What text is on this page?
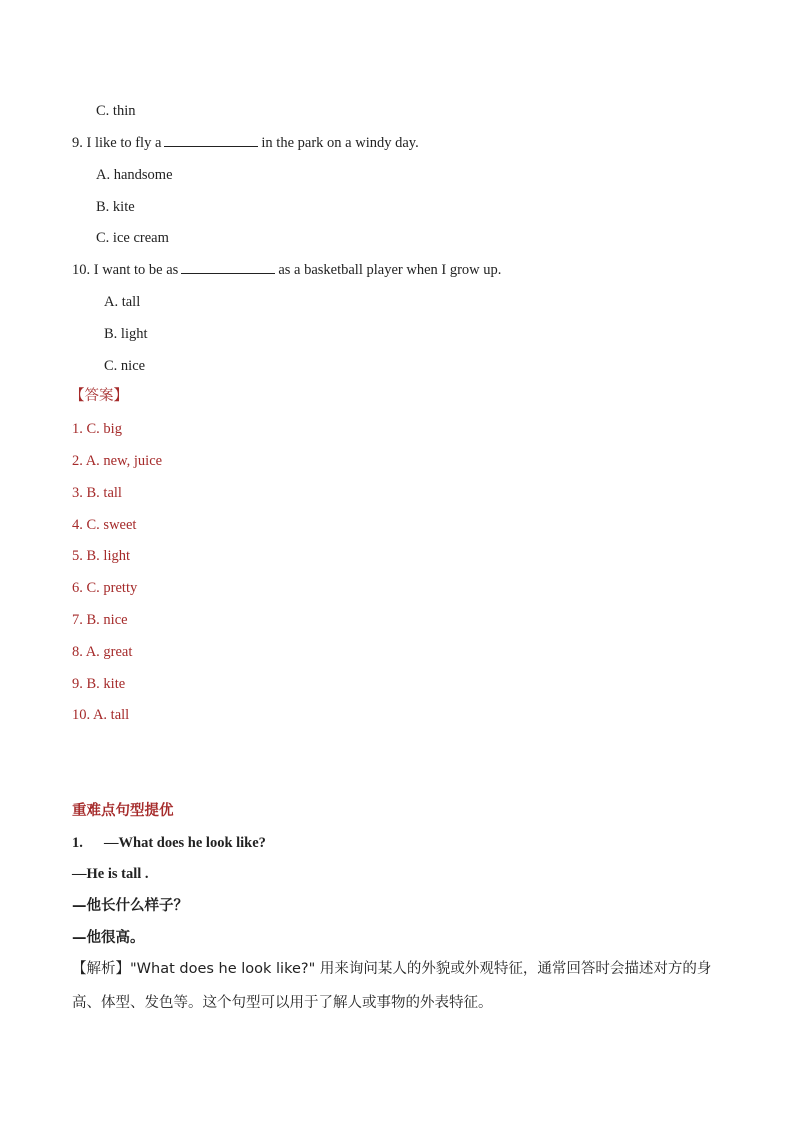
C. thin
9. I like to fly a	in the park on a windy day.
A. handsome
B. kite
C. ice cream
10. I want to be as	as a basketball player when I grow up.
A. tall
B. light
C. nice
【答案】
1. C. big
2. A. new, juice
3. B. tall
4. C. sweet
5. B. light
6. C. pretty
7. B. nice
8. A. great
9. B. kite
10. A. tall
重难点句型提优
1. —What does he look like?
—He is tall .
—他长什么样子？
—他很高。
【解析】"What does he look like?" 用来询问某人的外貌或外观特征，通常回答时会描述对方的身高、体型、发色等。这个句型可以用于了解人或事物的外表特征。
